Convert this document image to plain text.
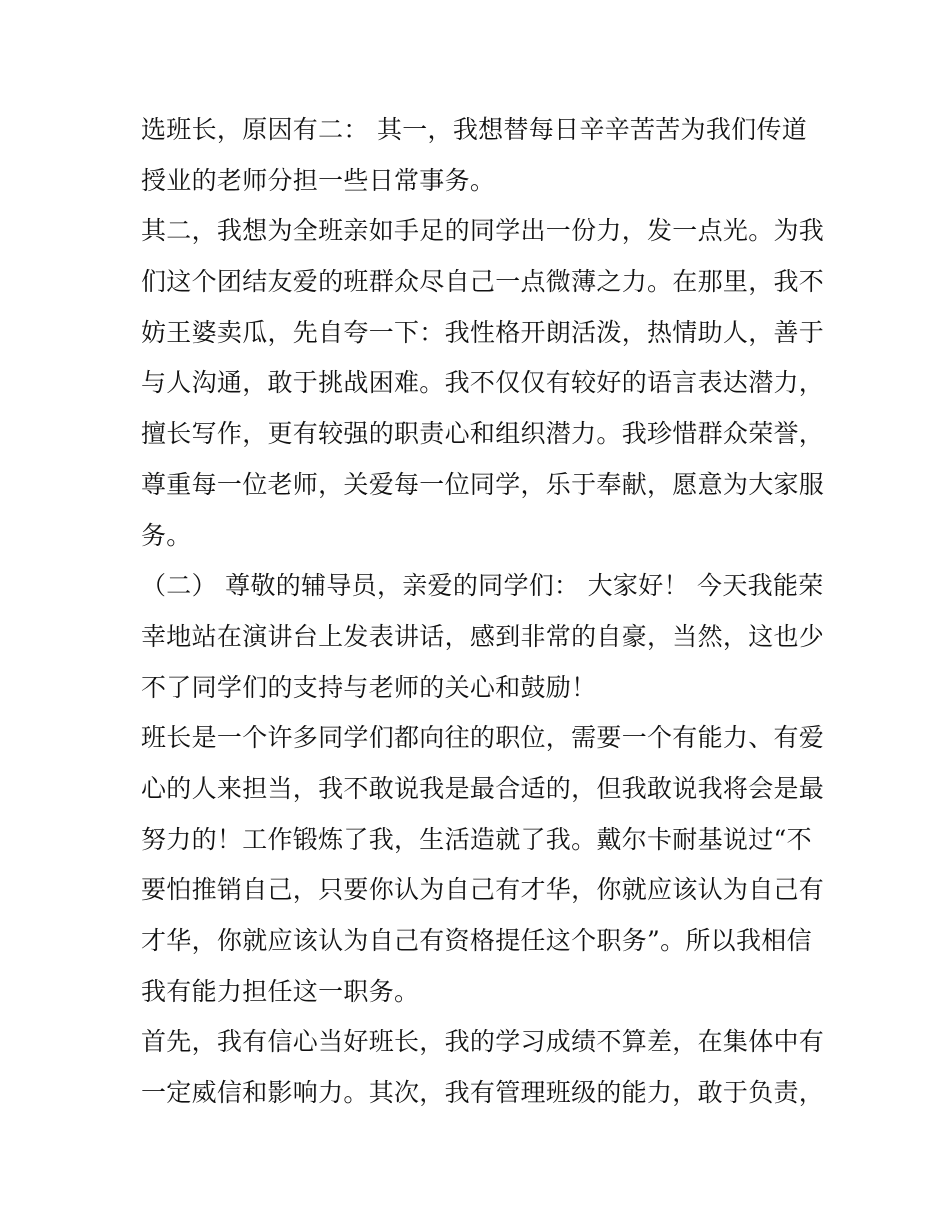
选班长，原因有二： 其一，我想替每日辛辛苦苦为我们传道
授业的老师分担一些日常事务。
其二，我想为全班亲如手足的同学出一份力，发一点光。为我
们这个团结友爱的班群众尽自己一点微薄之力。在那里，我不
妨王婆卖瓜，先自夸一下：我性格开朗活泼，热情助人，善于
与人沟通，敢于挑战困难。我不仅仅有较好的语言表达潜力，
擅长写作，更有较强的职责心和组织潜力。我珍惜群众荣誉，
尊重每一位老师，关爱每一位同学，乐于奉献，愿意为大家服
务。
（二） 尊敬的辅导员，亲爱的同学们： 大家好！ 今天我能荣
幸地站在演讲台上发表讲话，感到非常的自豪，当然，这也少
不了同学们的支持与老师的关心和鼓励！
班长是一个许多同学们都向往的职位，需要一个有能力、有爱
心的人来担当，我不敢说我是最合适的，但我敢说我将会是最
努力的！工作锻炼了我，生活造就了我。戴尔卡耐基说过“不
要怕推销自己，只要你认为自己有才华，你就应该认为自己有
才华，你就应该认为自己有资格提任这个职务”。所以我相信
我有能力担任这一职务。
首先，我有信心当好班长，我的学习成绩不算差，在集体中有
一定威信和影响力。其次，我有管理班级的能力，敢于负责，
